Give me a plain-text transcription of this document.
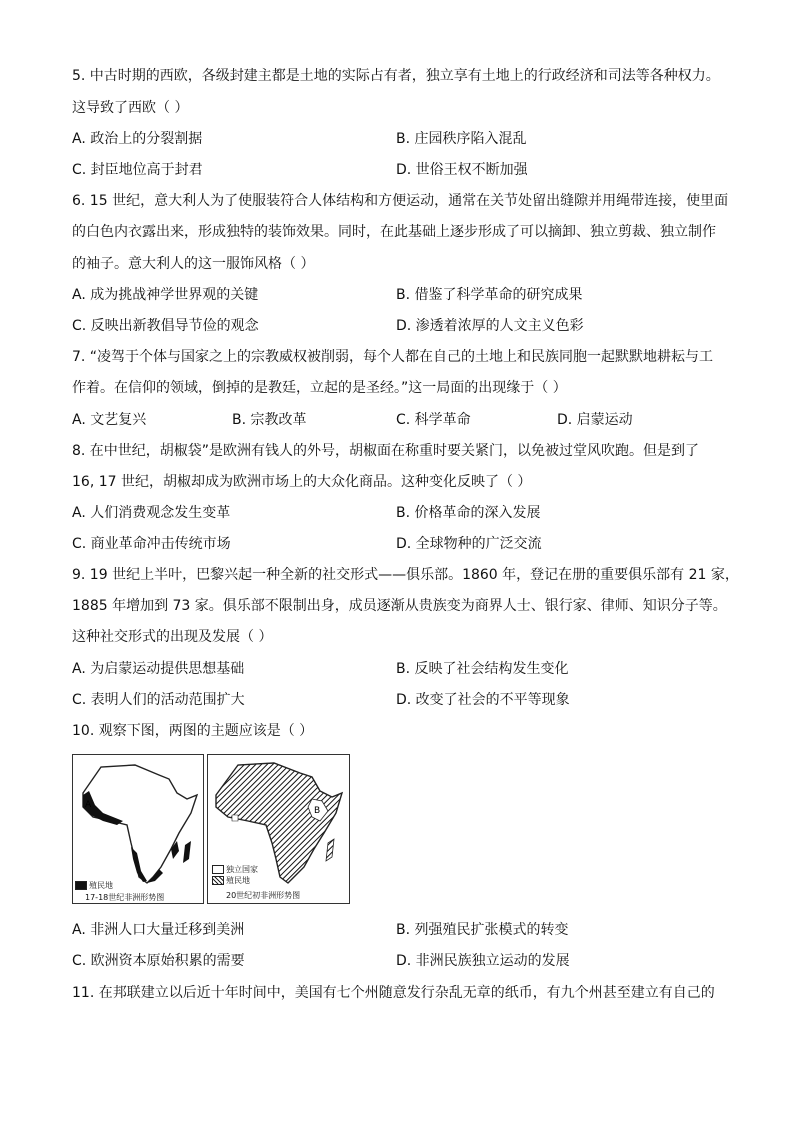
5. 中古时期的西欧，各级封建主都是土地的实际占有者，独立享有土地上的行政经济和司法等各种权力。
这导致了西欧（ ）
A. 政治上的分裂割据	B. 庄园秩序陷入混乱
C. 封臣地位高于封君	D. 世俗王权不断加强
6. 15 世纪，意大利人为了使服装符合人体结构和方便运动，通常在关节处留出缝隙并用绳带连接，使里面
的白色内衣露出来，形成独特的装饰效果。同时，在此基础上逐步形成了可以摘卸、独立剪裁、独立制作
的袖子。意大利人的这一服饰风格（ ）
A. 成为挑战神学世界观的关键	B. 借鉴了科学革命的研究成果
C. 反映出新教倡导节俭的观念	D. 渗透着浓厚的人文主义色彩
7. “凌驾于个体与国家之上的宗教威权被削弱，每个人都在自己的土地上和民族同胞一起默默地耕耘与工
作着。在信仰的领域，倒掉的是教廷，立起的是圣经。”这一局面的出现缘于（ ）
A. 文艺复兴	B. 宗教改革	C. 科学革命	D. 启蒙运动
8. 在中世纪，胡椒袋”是欧洲有钱人的外号，胡椒面在称重时要关紧门，以免被过堂风吹跑。但是到了
16, 17 世纪，胡椒却成为欧洲市场上的大众化商品。这种变化反映了（ ）
A. 人们消费观念发生变革	B. 价格革命的深入发展
C. 商业革命冲击传统市场	D. 全球物种的广泛交流
9. 19 世纪上半叶，巴黎兴起一种全新的社交形式——俱乐部。1860 年，登记在册的重要俱乐部有 21 家，
1885 年增加到 73 家。俱乐部不限制出身，成员逐渐从贵族变为商界人士、银行家、律师、知识分子等。
这种社交形式的出现及发展（ ）
A. 为启蒙运动提供思想基础	B. 反映了社会结构发生变化
C. 表明人们的活动范围扩大	D. 改变了社会的不平等现象
10. 观察下图，两图的主题应该是（ ）
A
殖民地
17-18世纪非洲形势图
B
独立国家
殖民地
20世纪初非洲形势图
A. 非洲人口大量迁移到美洲	B. 列强殖民扩张模式的转变
C. 欧洲资本原始积累的需要	D. 非洲民族独立运动的发展
11. 在邦联建立以后近十年时间中，美国有七个州随意发行杂乱无章的纸币，有九个州甚至建立有自己的
